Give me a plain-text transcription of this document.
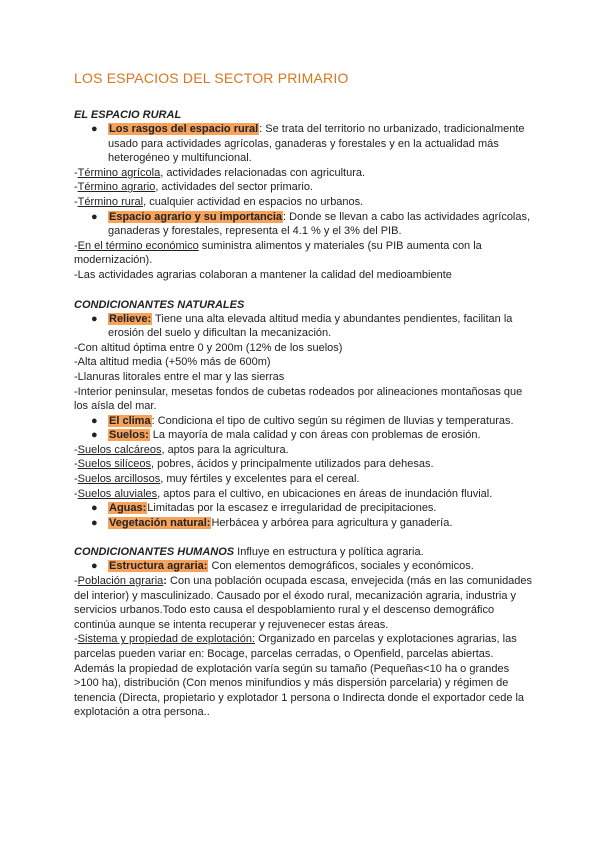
LOS ESPACIOS DEL SECTOR PRIMARIO

EL ESPACIO RURAL

● Los rasgos del espacio rural: Se trata del territorio no urbanizado, tradicionalmente usado para actividades agrícolas, ganaderas y forestales y en la actualidad más heterogéneo y multifuncional.

-Término agrícola, actividades relacionadas con agricultura.

-Término agrario, actividades del sector primario.

-Término rural, cualquier actividad en espacios no urbanos.

● Espacio agrario y su importancia: Donde se llevan a cabo las actividades agrícolas, ganaderas y forestales, representa el 4.1 % y el 3% del PIB.

-En el término económico suministra alimentos y materiales (su PIB aumenta con la modernización).

-Las actividades agrarias colaboran a mantener la calidad del medioambiente

CONDICIONANTES NATURALES

● Relieve: Tiene una alta elevada altitud media y abundantes pendientes, facilitan la erosión del suelo y dificultan la mecanización.

-Con altitud óptima entre 0 y 200m (12% de los suelos)

-Alta altitud media (+50% más de 600m)

-Llanuras litorales entre el mar y las sierras

-Interior peninsular, mesetas fondos de cubetas rodeados por alineaciones montañosas que los aísla del mar.

● El clima: Condiciona el tipo de cultivo según su régimen de lluvias y temperaturas.

● Suelos: La mayoría de mala calidad y con áreas con problemas de erosión.

-Suelos calcáreos, aptos para la agricultura.

-Suelos silíceos, pobres, ácidos y principalmente utilizados para dehesas.

-Suelos arcillosos, muy fértiles y excelentes para el cereal.

-Suelos aluviales, aptos para el cultivo, en ubicaciones en áreas de inundación fluvial.

● Aguas:Limitadas por la escasez e irregularidad de precipitaciones.

● Vegetación natural:Herbácea y arbórea para agricultura y ganadería.

CONDICIONANTES HUMANOS Influye en estructura y política agraria.

● Estructura agraria: Con elementos demográficos, sociales y económicos.

-Población agraria: Con una población ocupada escasa, envejecida (más en las comunidades del interior) y masculinizado. Causado por el éxodo rural, mecanización agraria, industria y servicios urbanos.Todo esto causa el despoblamiento rural y el descenso demográfico continúa aunque se intenta recuperar y rejuvenecer estas áreas.

-Sistema y propiedad de explotación: Organizado en parcelas y explotaciones agrarias, las parcelas pueden variar en: Bocage, parcelas cerradas, o Openfield, parcelas abiertas. Además la propiedad de explotación varía según su tamaño (Pequeñas<10 ha o grandes >100 ha), distribución (Con menos minifundios y más dispersión parcelaria) y régimen de tenencia (Directa, propietario y explotador 1 persona o Indirecta donde el exportador cede la explotación a otra persona..
